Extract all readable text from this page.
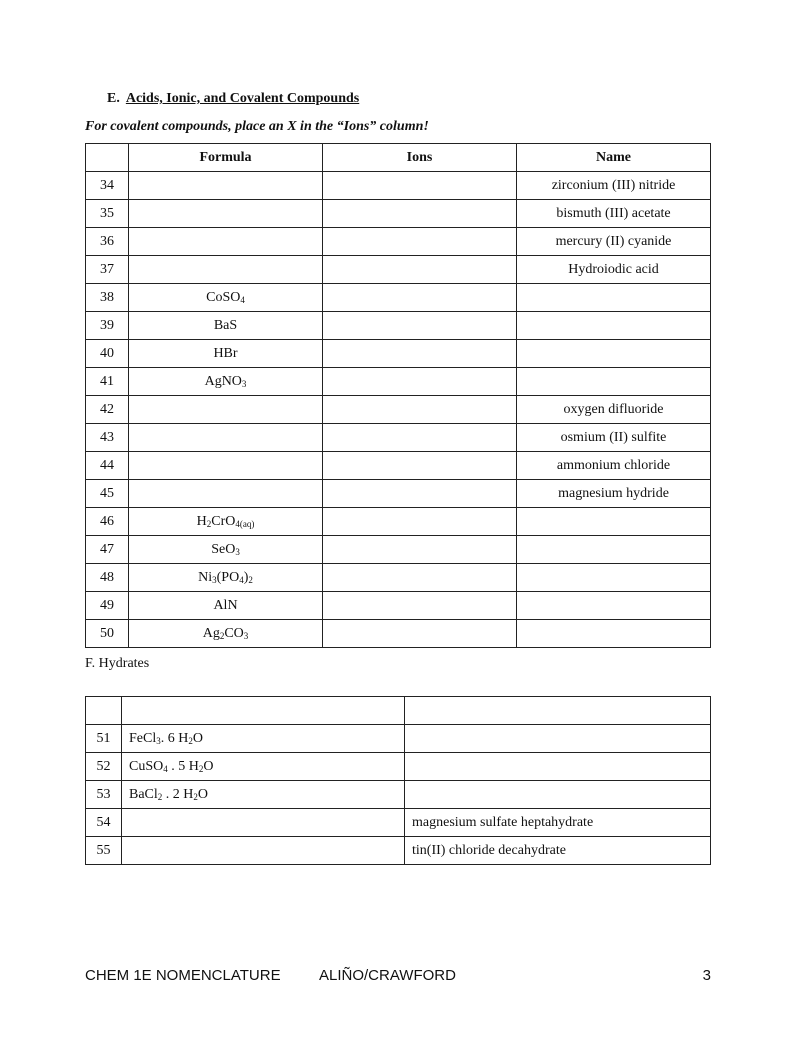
E. Acids, Ionic, and Covalent Compounds
For covalent compounds, place an X in the “Ions” column!
	Formula	Ions	Name
34			zirconium (III) nitride
35			bismuth (III) acetate
36			mercury (II) cyanide
37			Hydroiodic acid
38	CoSO$_4$		
39	BaS		
40	HBr		
41	AgNO$_3$		
42			oxygen difluoride
43			osmium (II) sulfite
44			ammonium chloride
45			magnesium hydride
46	$H_2CrO_{4(aq)}$		
47	SeO$_3$		
48	$Ni_3(PO_4)_2$		
49	AlN		
50	$Ag_2CO_3$		
F. Hydrates

51	FeCl$_3$. 6 $H_2O$	
52	CuSO$_4$ . 5 $H_2O$	
53	BaCl$_2$ . 2 $H_2O$	
54		magnesium sulfate heptahydrate
55		tin(II) chloride decahydrate
CHEM 1E NOMENCLATURE	ALIÑO/CRAWFORD	3
